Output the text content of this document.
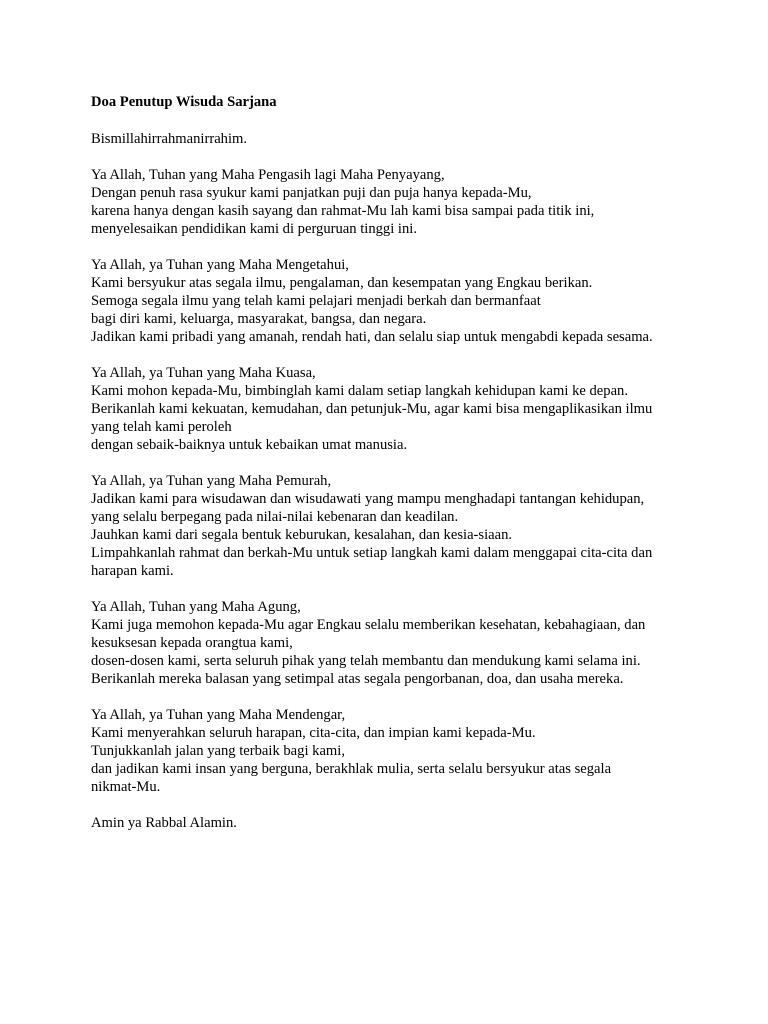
Doa Penutup Wisuda Sarjana
Bismillahirrahmanirrahim.
Ya Allah, Tuhan yang Maha Pengasih lagi Maha Penyayang,
Dengan penuh rasa syukur kami panjatkan puji dan puja hanya kepada-Mu,
karena hanya dengan kasih sayang dan rahmat-Mu lah kami bisa sampai pada titik ini,
menyelesaikan pendidikan kami di perguruan tinggi ini.
Ya Allah, ya Tuhan yang Maha Mengetahui,
Kami bersyukur atas segala ilmu, pengalaman, dan kesempatan yang Engkau berikan.
Semoga segala ilmu yang telah kami pelajari menjadi berkah dan bermanfaat
bagi diri kami, keluarga, masyarakat, bangsa, dan negara.
Jadikan kami pribadi yang amanah, rendah hati, dan selalu siap untuk mengabdi kepada sesama.
Ya Allah, ya Tuhan yang Maha Kuasa,
Kami mohon kepada-Mu, bimbinglah kami dalam setiap langkah kehidupan kami ke depan.
Berikanlah kami kekuatan, kemudahan, dan petunjuk-Mu, agar kami bisa mengaplikasikan ilmu
yang telah kami peroleh
dengan sebaik-baiknya untuk kebaikan umat manusia.
Ya Allah, ya Tuhan yang Maha Pemurah,
Jadikan kami para wisudawan dan wisudawati yang mampu menghadapi tantangan kehidupan,
yang selalu berpegang pada nilai-nilai kebenaran dan keadilan.
Jauhkan kami dari segala bentuk keburukan, kesalahan, dan kesia-siaan.
Limpahkanlah rahmat dan berkah-Mu untuk setiap langkah kami dalam menggapai cita-cita dan
harapan kami.
Ya Allah, Tuhan yang Maha Agung,
Kami juga memohon kepada-Mu agar Engkau selalu memberikan kesehatan, kebahagiaan, dan
kesuksesan kepada orangtua kami,
dosen-dosen kami, serta seluruh pihak yang telah membantu dan mendukung kami selama ini.
Berikanlah mereka balasan yang setimpal atas segala pengorbanan, doa, dan usaha mereka.
Ya Allah, ya Tuhan yang Maha Mendengar,
Kami menyerahkan seluruh harapan, cita-cita, dan impian kami kepada-Mu.
Tunjukkanlah jalan yang terbaik bagi kami,
dan jadikan kami insan yang berguna, berakhlak mulia, serta selalu bersyukur atas segala
nikmat-Mu.
Amin ya Rabbal Alamin.
